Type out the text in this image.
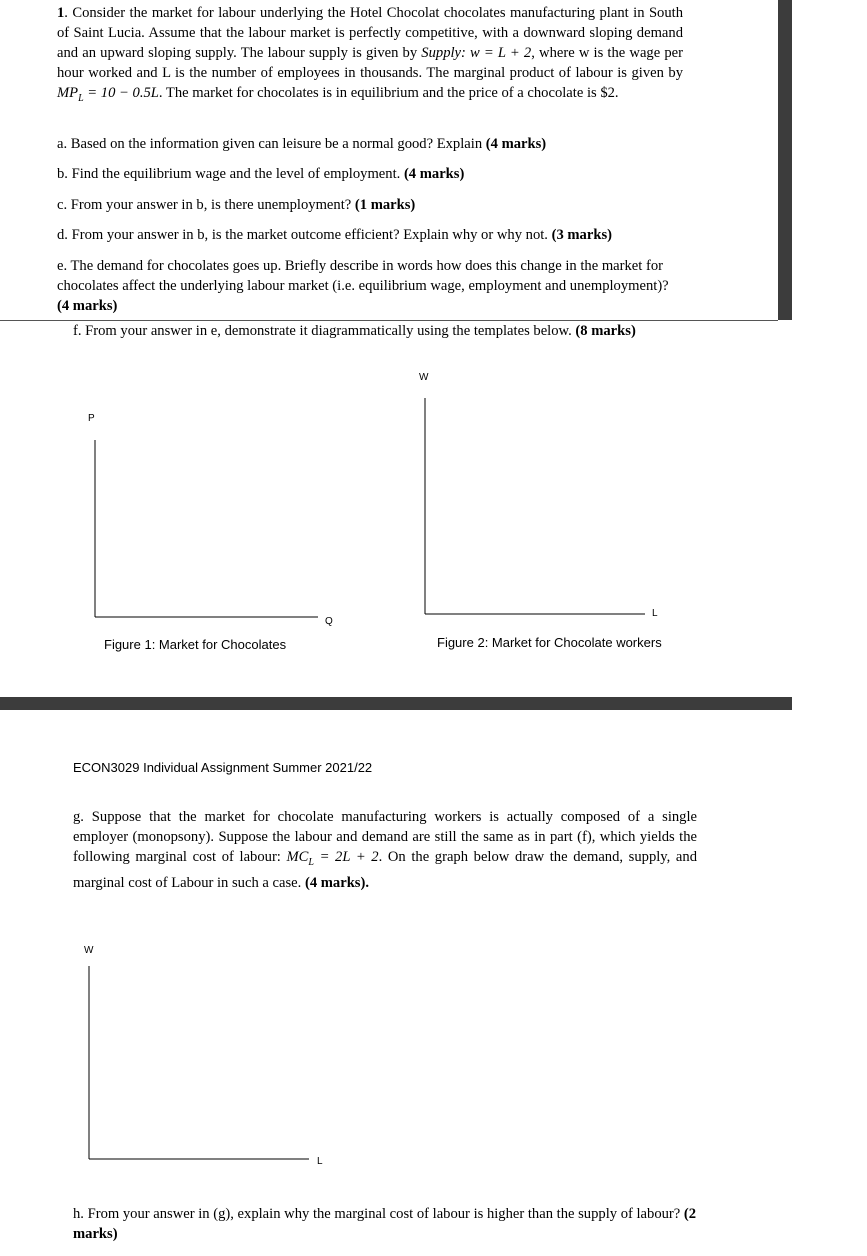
1. Consider the market for labour underlying the Hotel Chocolat chocolates manufacturing plant in South of Saint Lucia. Assume that the labour market is perfectly competitive, with a downward sloping demand and an upward sloping supply. The labour supply is given by Supply: w = L + 2, where w is the wage per hour worked and L is the number of employees in thousands. The marginal product of labour is given by $MP_L = 10 - 0.5L$. The market for chocolates is in equilibrium and the price of a chocolate is $2.
a. Based on the information given can leisure be a normal good? Explain (4 marks)
b. Find the equilibrium wage and the level of employment. (4 marks)
c. From your answer in b, is there unemployment? (1 marks)
d. From your answer in b, is the market outcome efficient? Explain why or why not. (3 marks)
e. The demand for chocolates goes up. Briefly describe in words how does this change in the market for chocolates affect the underlying labour market (i.e. equilibrium wage, employment and unemployment)? (4 marks)
f. From your answer in e, demonstrate it diagrammatically using the templates below. (8 marks)
P
Q
Figure 1: Market for Chocolates
W
L
Figure 2: Market for Chocolate workers
ECON3029 Individual Assignment Summer 2021/22
g. Suppose that the market for chocolate manufacturing workers is actually composed of a single employer (monopsony). Suppose the labour and demand are still the same as in part (f), which yields the following marginal cost of labour: $MC_L = 2L + 2$. On the graph below draw the demand, supply, and marginal cost of Labour in such a case. (4 marks).
W
L
h. From your answer in (g), explain why the marginal cost of labour is higher than the supply of labour? (2 marks)
